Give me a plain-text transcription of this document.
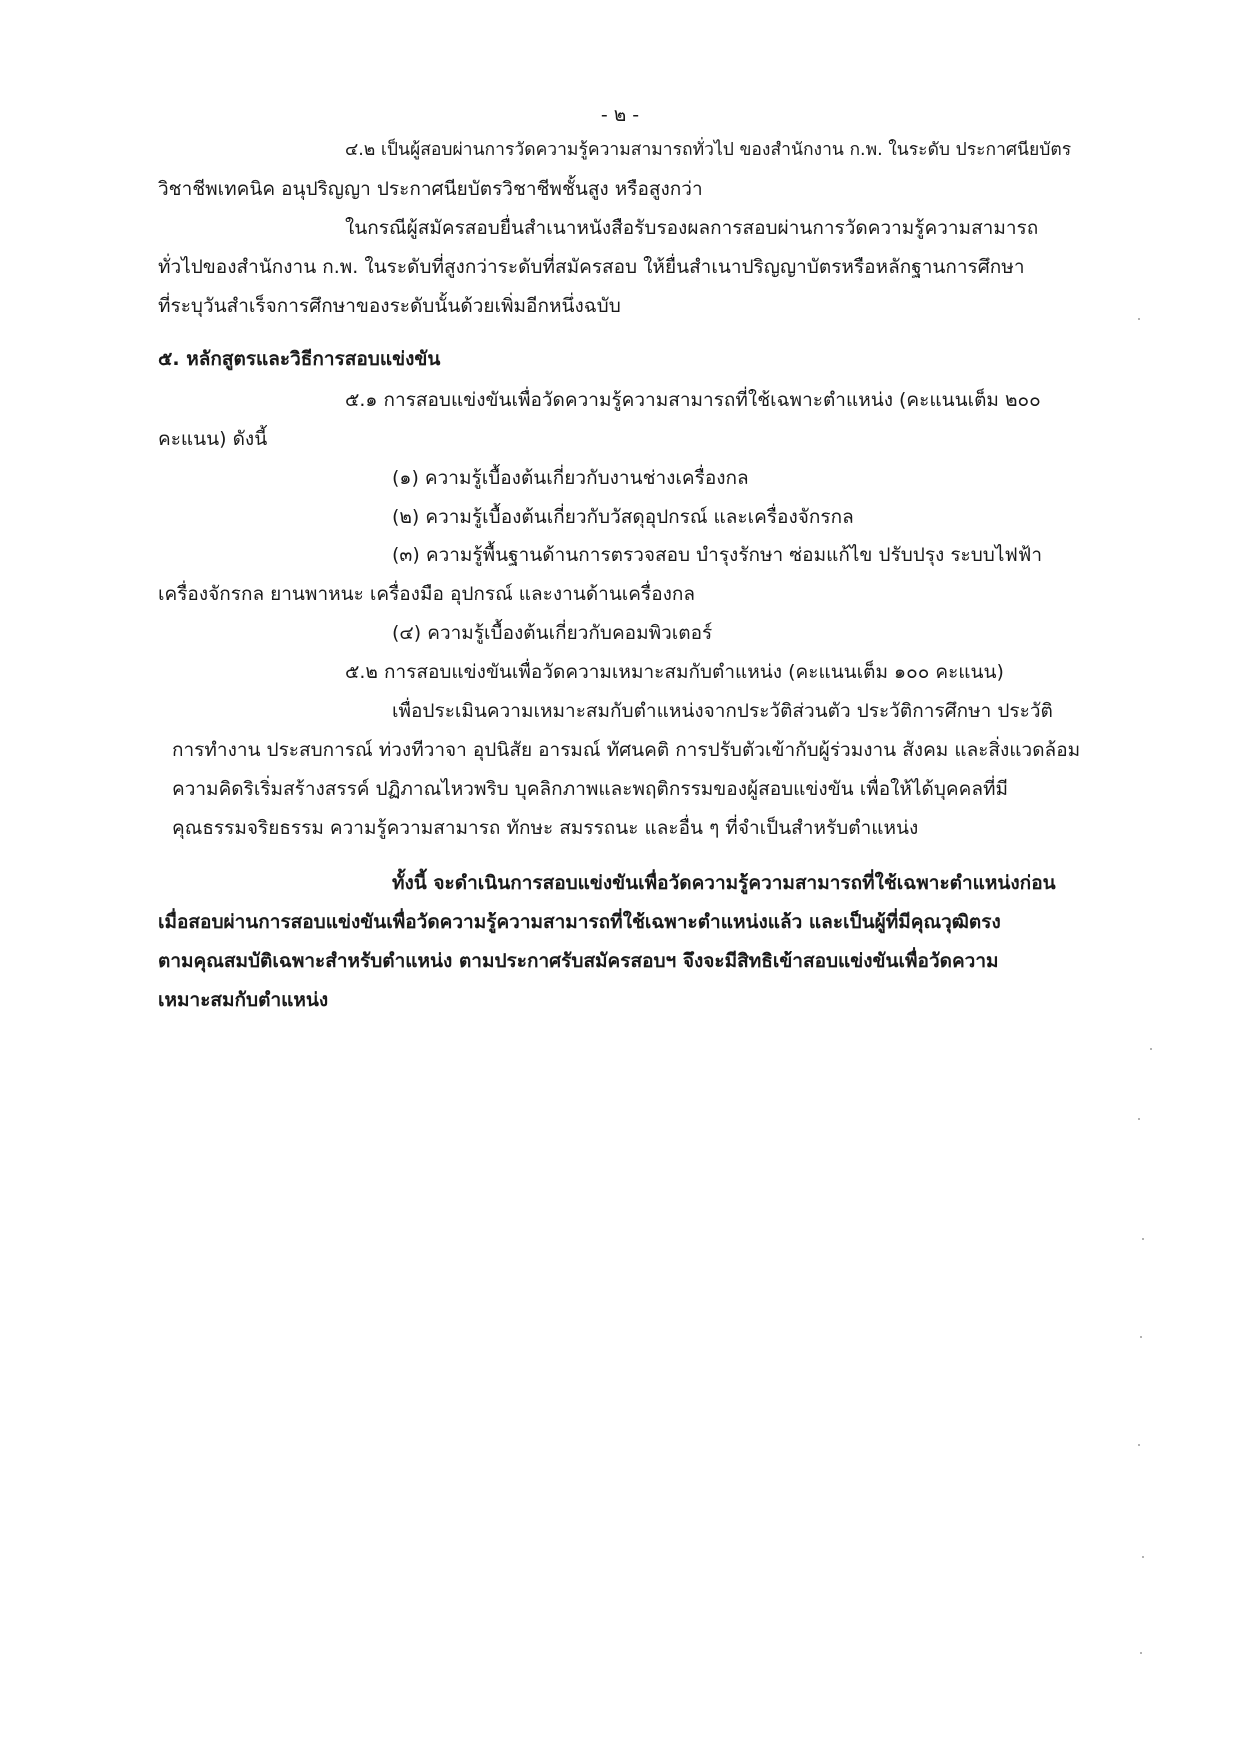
- ๒ -
๔.๒ เป็นผู้สอบผ่านการวัดความรู้ความสามารถทั่วไป ของสำนักงาน ก.พ. ในระดับ ประกาศนียบัตร
วิชาชีพเทคนิค อนุปริญญา ประกาศนียบัตรวิชาชีพชั้นสูง หรือสูงกว่า
ในกรณีผู้สมัครสอบยื่นสำเนาหนังสือรับรองผลการสอบผ่านการวัดความรู้ความสามารถ
ทั่วไปของสำนักงาน ก.พ. ในระดับที่สูงกว่าระดับที่สมัครสอบ ให้ยื่นสำเนาปริญญาบัตรหรือหลักฐานการศึกษา
ที่ระบุวันสำเร็จการศึกษาของระดับนั้นด้วยเพิ่มอีกหนึ่งฉบับ
๕. หลักสูตรและวิธีการสอบแข่งขัน
๕.๑ การสอบแข่งขันเพื่อวัดความรู้ความสามารถที่ใช้เฉพาะตำแหน่ง (คะแนนเต็ม ๒๐๐
คะแนน) ดังนี้
(๑) ความรู้เบื้องต้นเกี่ยวกับงานช่างเครื่องกล
(๒) ความรู้เบื้องต้นเกี่ยวกับวัสดุอุปกรณ์ และเครื่องจักรกล
(๓) ความรู้พื้นฐานด้านการตรวจสอบ บำรุงรักษา ซ่อมแก้ไข ปรับปรุง ระบบไฟฟ้า
เครื่องจักรกล ยานพาหนะ เครื่องมือ อุปกรณ์ และงานด้านเครื่องกล
(๔) ความรู้เบื้องต้นเกี่ยวกับคอมพิวเตอร์
๕.๒ การสอบแข่งขันเพื่อวัดความเหมาะสมกับตำแหน่ง (คะแนนเต็ม ๑๐๐ คะแนน)
เพื่อประเมินความเหมาะสมกับตำแหน่งจากประวัติส่วนตัว ประวัติการศึกษา ประวัติ
การทำงาน ประสบการณ์ ท่วงทีวาจา อุปนิสัย อารมณ์ ทัศนคติ การปรับตัวเข้ากับผู้ร่วมงาน สังคม และสิ่งแวดล้อม
ความคิดริเริ่มสร้างสรรค์ ปฏิภาณไหวพริบ บุคลิกภาพและพฤติกรรมของผู้สอบแข่งขัน เพื่อให้ได้บุคคลที่มี
คุณธรรมจริยธรรม ความรู้ความสามารถ ทักษะ สมรรถนะ และอื่น ๆ ที่จำเป็นสำหรับตำแหน่ง
ทั้งนี้ จะดำเนินการสอบแข่งขันเพื่อวัดความรู้ความสามารถที่ใช้เฉพาะตำแหน่งก่อน
เมื่อสอบผ่านการสอบแข่งขันเพื่อวัดความรู้ความสามารถที่ใช้เฉพาะตำแหน่งแล้ว และเป็นผู้ที่มีคุณวุฒิตรง
ตามคุณสมบัติเฉพาะสำหรับตำแหน่ง ตามประกาศรับสมัครสอบฯ จึงจะมีสิทธิเข้าสอบแข่งขันเพื่อวัดความ
เหมาะสมกับตำแหน่ง
